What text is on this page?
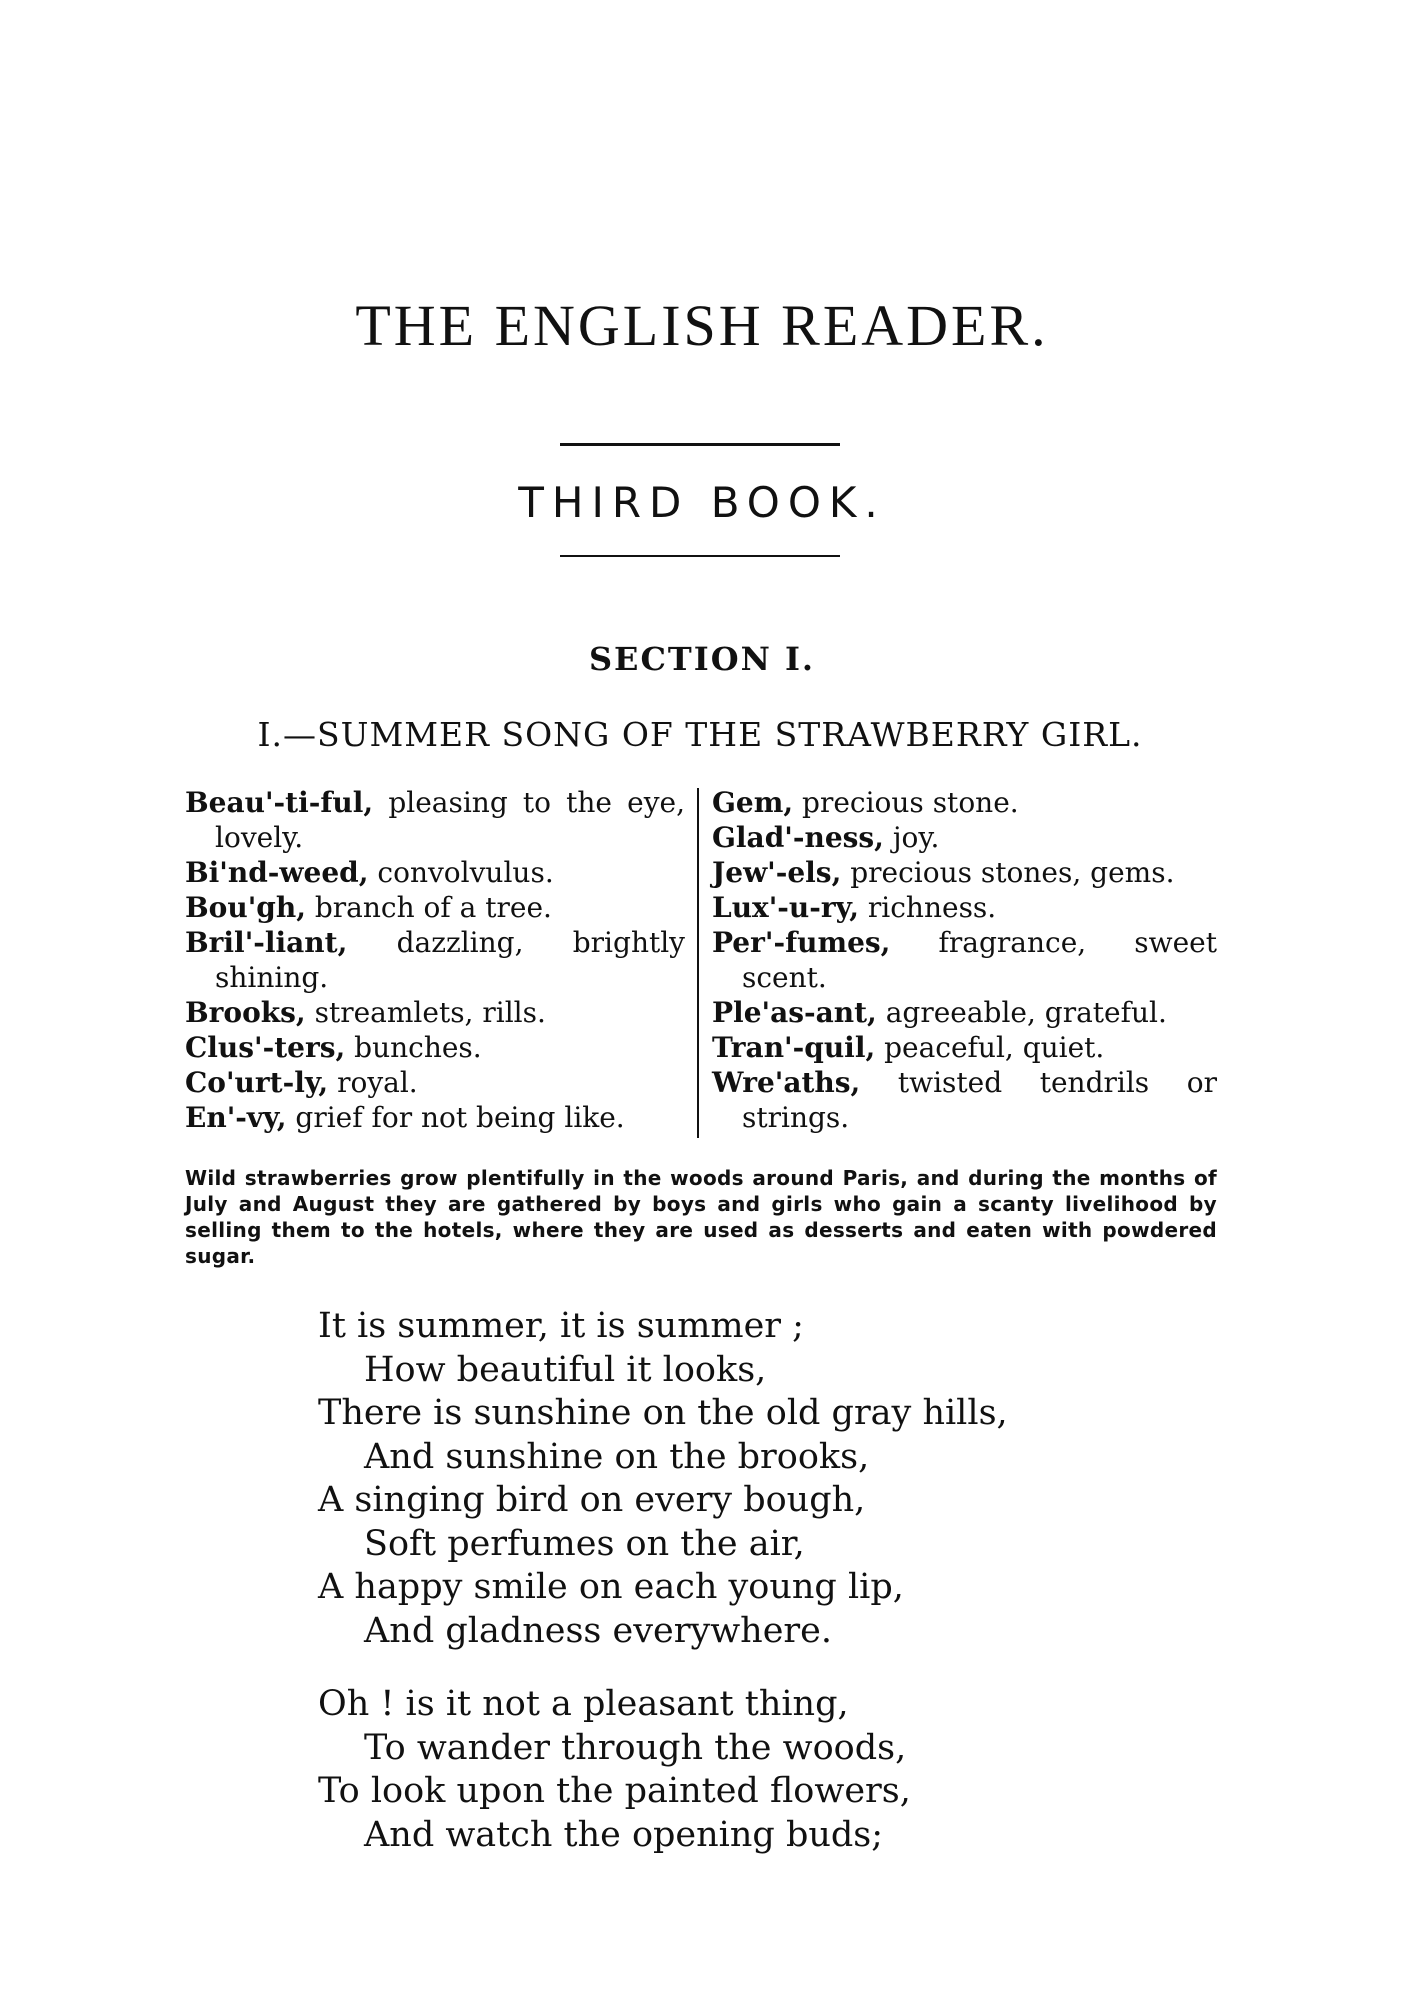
THE ENGLISH READER.
THIRD BOOK.
SECTION I.
I.—SUMMER SONG OF THE STRAWBERRY GIRL.
Beau'-ti-ful, pleasing to the eye, lovely.
Bi'nd-weed, convolvulus.
Bou'gh, branch of a tree.
Bril'-liant, dazzling, brightly shining.
Brooks, streamlets, rills.
Clus'-ters, bunches.
Co'urt-ly, royal.
En'-vy, grief for not being like.
Gem, precious stone.
Glad'-ness, joy.
Jew'-els, precious stones, gems.
Lux'-u-ry, richness.
Per'-fumes, fragrance, sweet scent.
Ple'as-ant, agreeable, grateful.
Tran'-quil, peaceful, quiet.
Wre'aths, twisted tendrils or strings.
Wild strawberries grow plentifully in the woods around Paris, and during the months of July and August they are gathered by boys and girls who gain a scanty livelihood by selling them to the hotels, where they are used as desserts and eaten with powdered sugar.
It is summer, it is summer ;
How beautiful it looks,
There is sunshine on the old gray hills,
And sunshine on the brooks,
A singing bird on every bough,
Soft perfumes on the air,
A happy smile on each young lip,
And gladness everywhere.
Oh ! is it not a pleasant thing,
To wander through the woods,
To look upon the painted flowers,
And watch the opening buds;
